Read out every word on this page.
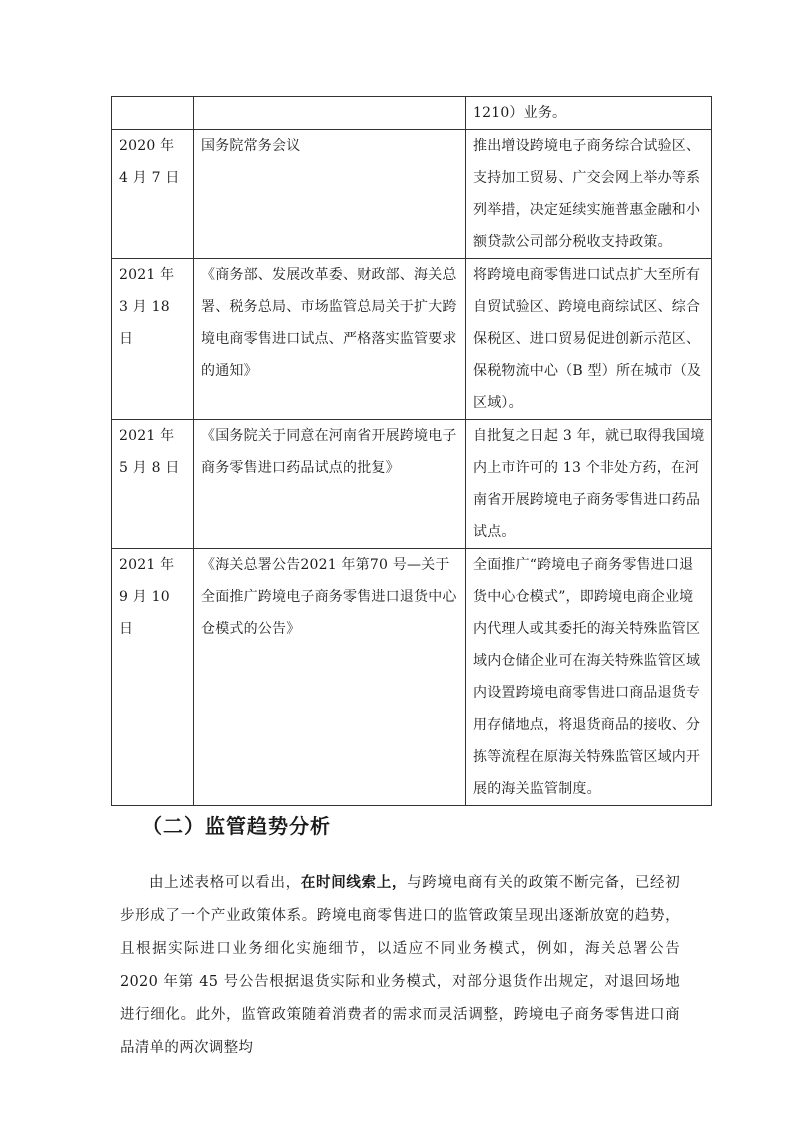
		1210）业务。

2020 年 4 月 7 日	国务院常务会议	推出增设跨境电子商务综合试验区、支持加工贸易、广交会网上举办等系列举措，决定延续实施普惠金融和小额贷款公司部分税收支持政策。

2021 年 3 月 18 日	《商务部、发展改革委、财政部、海关总署、税务总局、市场监管总局关于扩大跨境电商零售进口试点、严格落实监管要求的通知》	将跨境电商零售进口试点扩大至所有自贸试验区、跨境电商综试区、综合保税区、进口贸易促进创新示范区、保税物流中心（B 型）所在城市（及区域）。

2021 年 5 月 8 日	《国务院关于同意在河南省开展跨境电子商务零售进口药品试点的批复》	自批复之日起 3 年，就已取得我国境内上市许可的 13 个非处方药，在河南省开展跨境电子商务零售进口药品试点。

2021 年 9 月 10 日	《海关总署公告2021 年第70 号—关于全面推广跨境电子商务零售进口退货中心仓模式的公告》	全面推广“跨境电子商务零售进口退货中心仓模式”，即跨境电商企业境内代理人或其委托的海关特殊监管区域内仓储企业可在海关特殊监管区域内设置跨境电商零售进口商品退货专用存储地点，将退货商品的接收、分拣等流程在原海关特殊监管区域内开展的海关监管制度。
（二）监管趋势分析

由上述表格可以看出，在时间线索上，与跨境电商有关的政策不断完备，已经初步形成了一个产业政策体系。跨境电商零售进口的监管政策呈现出逐渐放宽的趋势，且根据实际进口业务细化实施细节，以适应不同业务模式，例如，海关总署公告 2020 年第 45 号公告根据退货实际和业务模式，对部分退货作出规定，对退回场地进行细化。此外，监管政策随着消费者的需求而灵活调整，跨境电子商务零售进口商品清单的两次调整均
